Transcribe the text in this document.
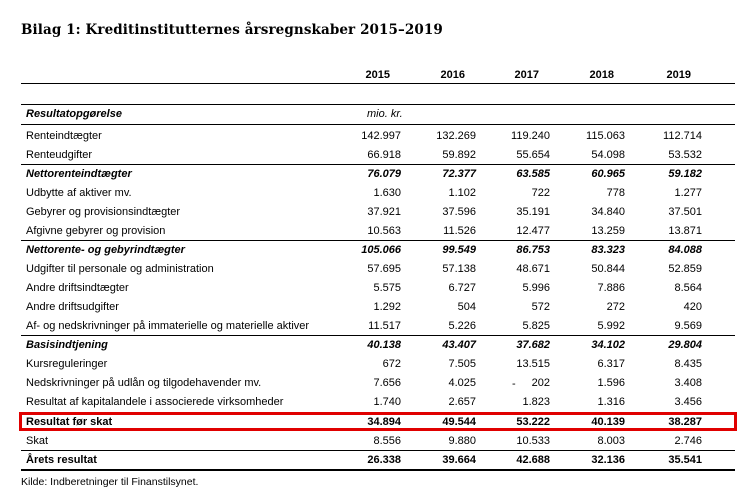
Bilag 1: Kreditinstitutternes årsregnskaber 2015–2019
2015	2016	2017	2018	2019
Resultatopgørelse	mio. kr.
Renteindtægter	142.997	132.269	119.240	115.063	112.714
Renteudgifter	66.918	59.892	55.654	54.098	53.532
Nettorenteindtægter	76.079	72.377	63.585	60.965	59.182
Udbytte af aktiver mv.	1.630	1.102	722	778	1.277
Gebyrer og provisionsindtægter	37.921	37.596	35.191	34.840	37.501
Afgivne gebyrer og provision	10.563	11.526	12.477	13.259	13.871
Nettorente- og gebyrindtægter	105.066	99.549	86.753	83.323	84.088
Udgifter til personale og administration	57.695	57.138	48.671	50.844	52.859
Andre driftsindtægter	5.575	6.727	5.996	7.886	8.564
Andre driftsudgifter	1.292	504	572	272	420
Af- og nedskrivninger på immaterielle og materielle aktiver	11.517	5.226	5.825	5.992	9.569
Basisindtjening	40.138	43.407	37.682	34.102	29.804
Kursreguleringer	672	7.505	13.515	6.317	8.435
Nedskrivninger på udlån og tilgodehavender mv.	7.656	4.025	202	1.596	3.408
Resultat af kapitalandele i associerede virksomheder	1.740	2.657	1.823	1.316	3.456
Resultat før skat	34.894	49.544	53.222	40.139	38.287
Skat	8.556	9.880	10.533	8.003	2.746
Årets resultat	26.338	39.664	42.688	32.136	35.541
-
Kilde: Indberetninger til Finanstilsynet.
